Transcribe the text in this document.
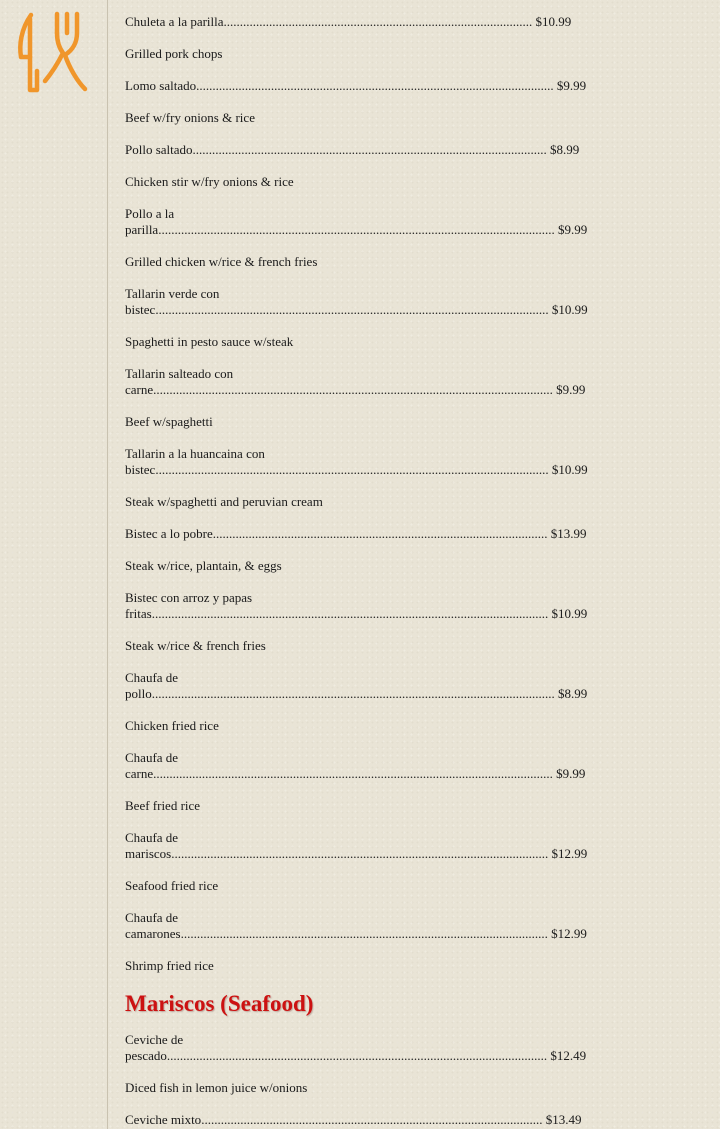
Chuleta a la parilla............................................................................................... $10.99
Grilled pork chops
Lomo saltado.............................................................................................................. $9.99
Beef w/fry onions & rice
Pollo saltado............................................................................................................. $8.99
Chicken stir w/fry onions & rice
Pollo a la
parilla.......................................................................................................................... $9.99
Grilled chicken w/rice & french fries
Tallarin verde con
bistec......................................................................................................................... $10.99
Spaghetti in pesto sauce w/steak
Tallarin salteado con
carne........................................................................................................................... $9.99
Beef w/spaghetti
Tallarin a la huancaina con
bistec......................................................................................................................... $10.99
Steak w/spaghetti and peruvian cream
Bistec a lo pobre....................................................................................................... $13.99
Steak w/rice, plantain, & eggs
Bistec con arroz y papas
fritas.......................................................................................................................... $10.99
Steak w/rice & french fries
Chaufa de
pollo............................................................................................................................ $8.99
Chicken fried rice
Chaufa de
carne........................................................................................................................... $9.99
Beef fried rice
Chaufa de
mariscos.................................................................................................................... $12.99
Seafood fried rice
Chaufa de
camarones................................................................................................................. $12.99
Shrimp fried rice
Mariscos (Seafood)
Ceviche de
pescado..................................................................................................................... $12.49
Diced fish in lemon juice w/onions
Ceviche mixto......................................................................................................... $13.49
